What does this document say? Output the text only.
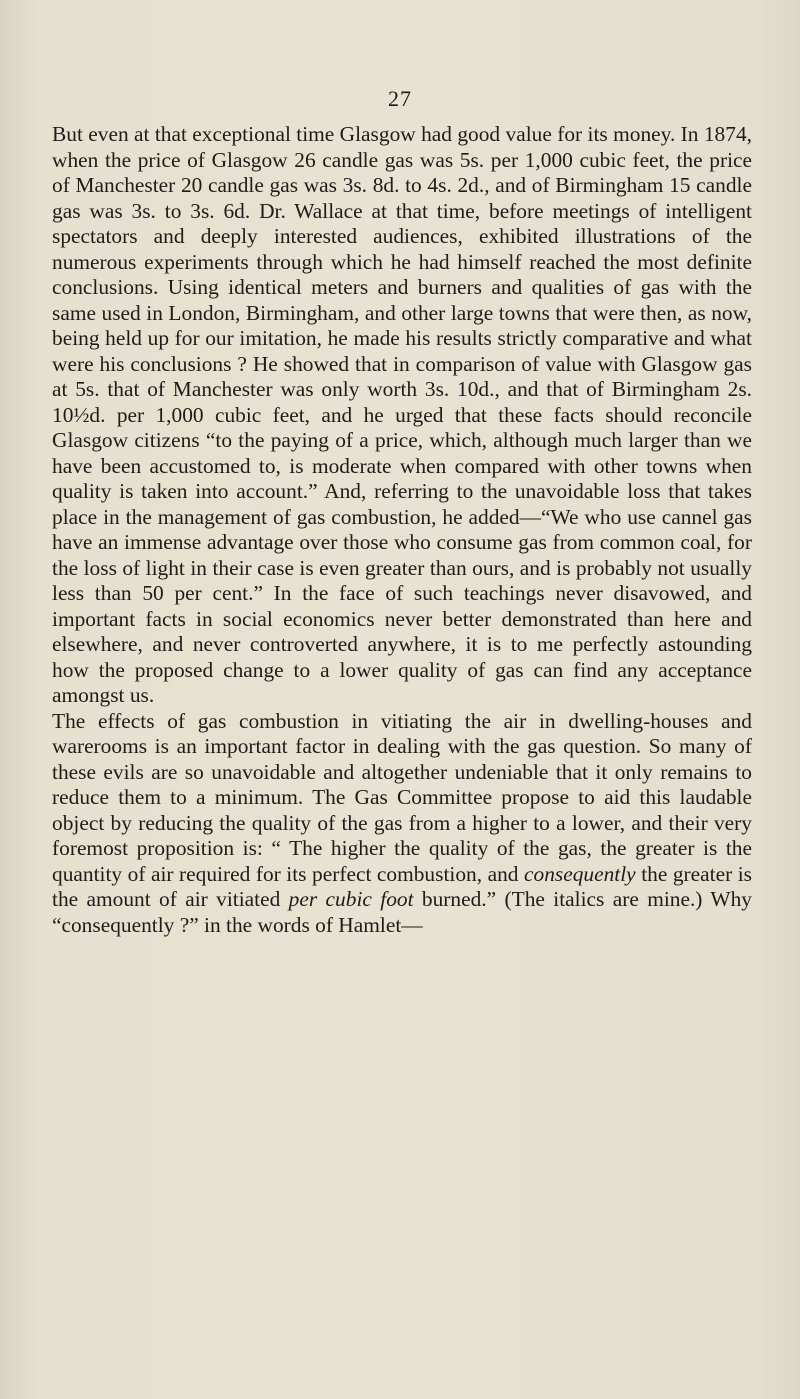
27

But even at that exceptional time Glasgow had good value for its money. In 1874, when the price of Glasgow 26 candle gas was 5s. per 1,000 cubic feet, the price of Manchester 20 candle gas was 3s. 8d. to 4s. 2d., and of Birmingham 15 candle gas was 3s. to 3s. 6d. Dr. Wallace at that time, before meetings of intelligent spectators and deeply interested audiences, exhibited illustrations of the numerous experiments through which he had himself reached the most definite conclusions. Using identical meters and burners and qualities of gas with the same used in London, Birmingham, and other large towns that were then, as now, being held up for our imitation, he made his results strictly comparative and what were his conclusions ? He showed that in comparison of value with Glasgow gas at 5s. that of Manchester was only worth 3s. 10d., and that of Birmingham 2s. 10½d. per 1,000 cubic feet, and he urged that these facts should reconcile Glasgow citizens “to the paying of a price, which, although much larger than we have been accustomed to, is moderate when compared with other towns when quality is taken into account.” And, referring to the unavoidable loss that takes place in the management of gas combustion, he added—“We who use cannel gas have an immense advantage over those who consume gas from common coal, for the loss of light in their case is even greater than ours, and is probably not usually less than 50 per cent.” In the face of such teachings never disavowed, and important facts in social economics never better demonstrated than here and elsewhere, and never controverted anywhere, it is to me perfectly astounding how the proposed change to a lower quality of gas can find any acceptance amongst us.

The effects of gas combustion in vitiating the air in dwelling-houses and warerooms is an important factor in dealing with the gas question. So many of these evils are so unavoidable and altogether undeniable that it only remains to reduce them to a minimum. The Gas Committee propose to aid this laudable object by reducing the quality of the gas from a higher to a lower, and their very foremost proposition is: “ The higher the quality of the gas, the greater is the quantity of air required for its perfect combustion, and consequently the greater is the amount of air vitiated per cubic foot burned.” (The italics are mine.) Why “consequently ?” in the words of Hamlet—
